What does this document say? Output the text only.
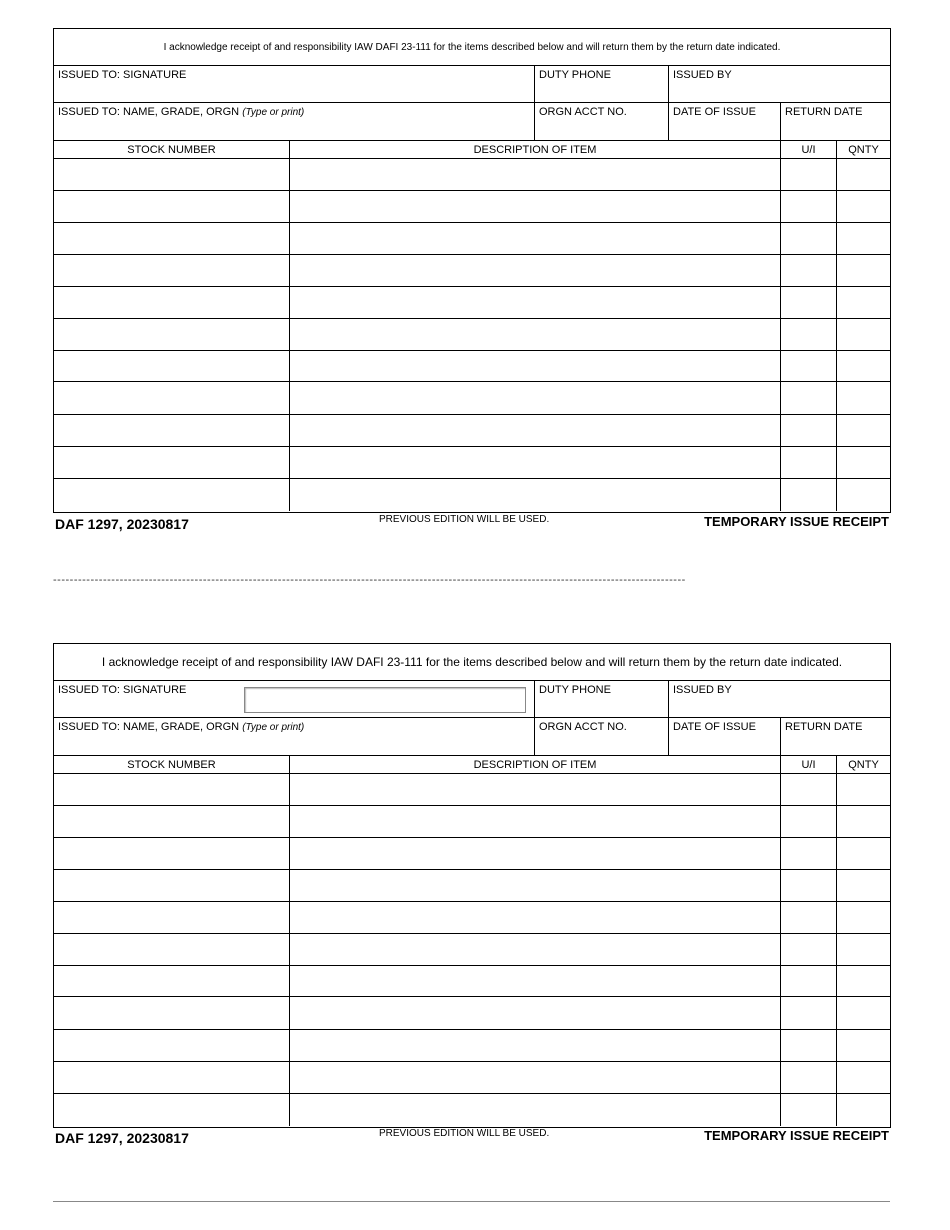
I acknowledge receipt of and responsibility IAW DAFI 23-111 for the items described below and will return them by the return date indicated.
ISSUED TO: SIGNATURE	DUTY PHONE	ISSUED BY
ISSUED TO: NAME, GRADE, ORGN (Type or print)	ORGN ACCT NO.	DATE OF ISSUE	RETURN DATE
STOCK NUMBER	DESCRIPTION OF ITEM	U/I	QNTY
DAF 1297, 20230817	PREVIOUS EDITION WILL BE USED.	TEMPORARY ISSUE RECEIPT
--------------------------------------------------------------------------------------------------------------------------------------------------------
I acknowledge receipt of and responsibility IAW DAFI 23-111 for the items described below and will return them by the return date indicated.
ISSUED TO: SIGNATURE	DUTY PHONE	ISSUED BY
ISSUED TO: NAME, GRADE, ORGN (Type or print)	ORGN ACCT NO.	DATE OF ISSUE	RETURN DATE
STOCK NUMBER	DESCRIPTION OF ITEM	U/I	QNTY
DAF 1297, 20230817	PREVIOUS EDITION WILL BE USED.	TEMPORARY ISSUE RECEIPT
